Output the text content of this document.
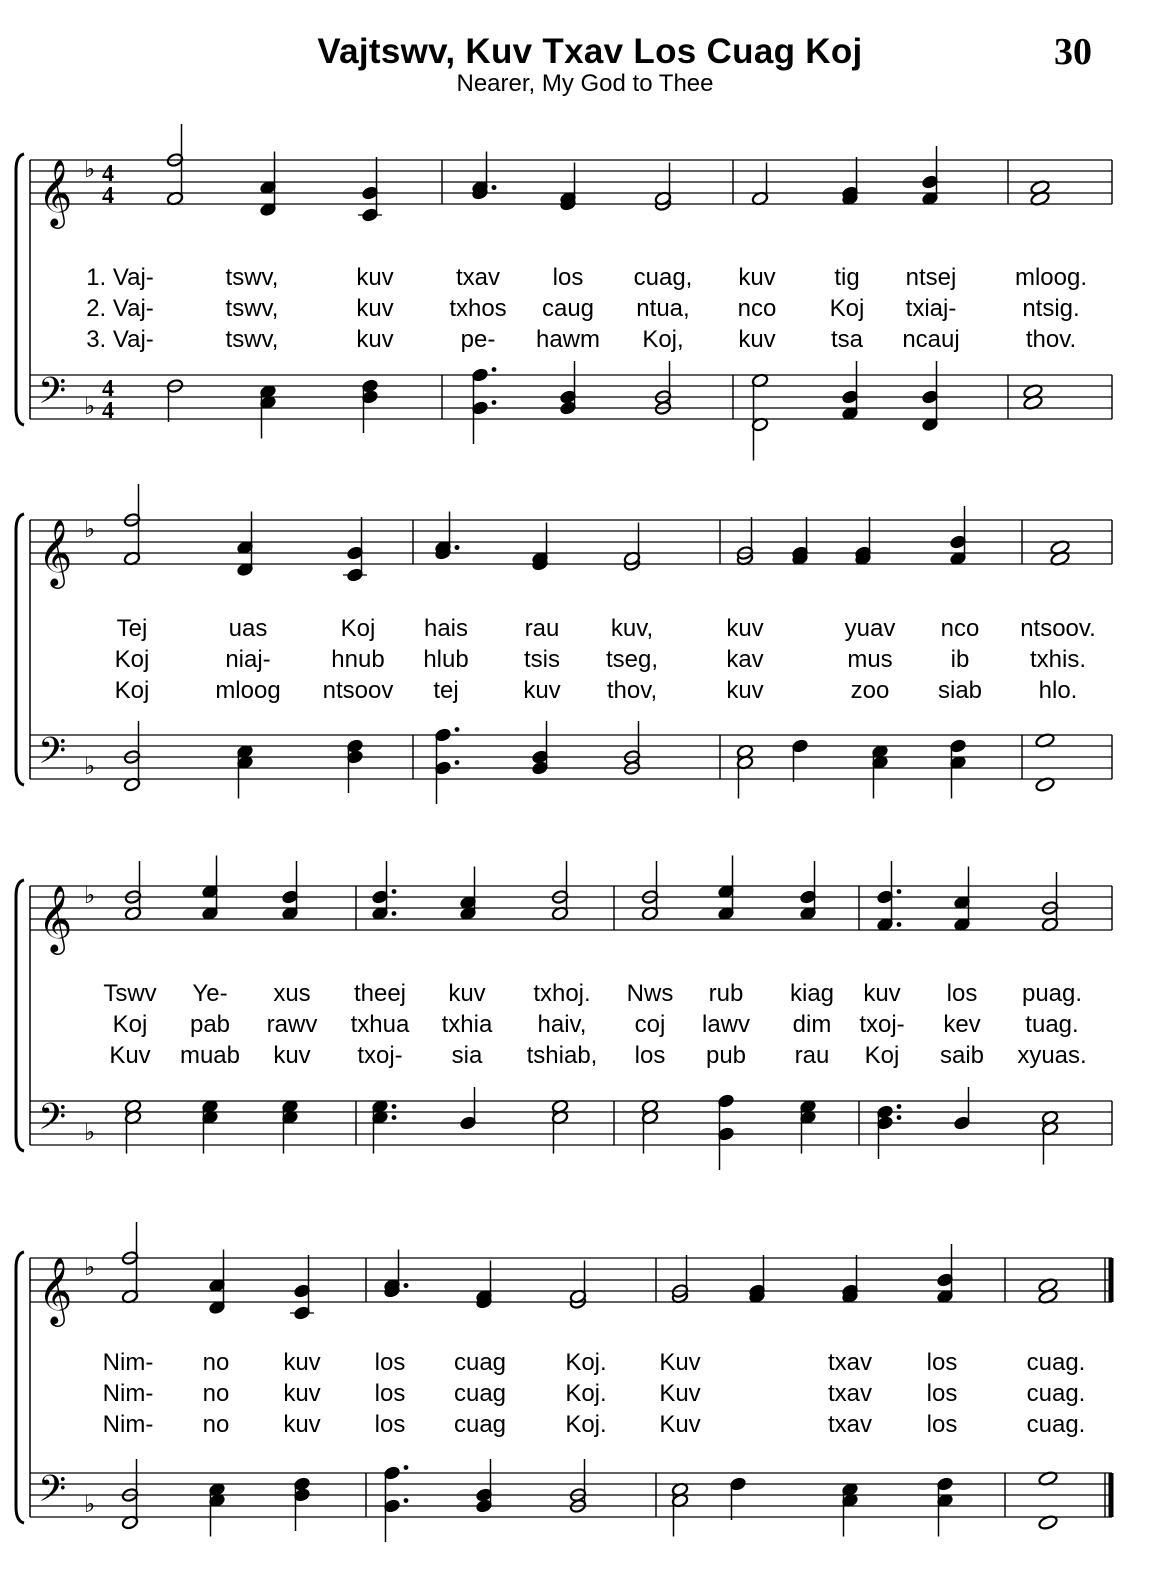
Vajtswv, Kuv Txav Los Cuag Koj
Nearer, My God to Thee
30
𝄞
𝄢
♭
♭
4
4
4
4
1. Vaj-	tswv,	kuv	txav los cuag, kuv tig ntsej mloog.
2. Vaj-	tswv,	kuv txhos caug ntua, nco Koj txiaj-	ntsig.
3. Vaj-	tswv,	kuv	pe- hawm Koj, kuv tsa ncauj	thov.
𝄞
𝄢
♭
♭
Tej	uas	Koj hais rau kuv,	kuv	yuav nco ntsoov.
Koj	niaj-	hnub hlub tsis tseg,	kav	mus ib	txhis.
Koj	mloog ntsoov tej	kuv thov,	kuv	zoo siab hlo.
𝄞
𝄢
♭
♭
Tswv Ye- xus theej kuv txhoj. Nws rub kiag kuv los puag.
Koj pab rawv txhua txhia haiv, coj lawv dim txoj- kev tuag.
Kuv muab kuv txoj- sia tshiab, los pub rau Koj saib xyuas.
𝄞
𝄢
♭
♭
Nim- no kuv los cuag Koj. Kuv	txav los	cuag.
Nim- no kuv los cuag Koj. Kuv	txav los	cuag.
Nim- no kuv los cuag Koj. Kuv	txav los	cuag.
